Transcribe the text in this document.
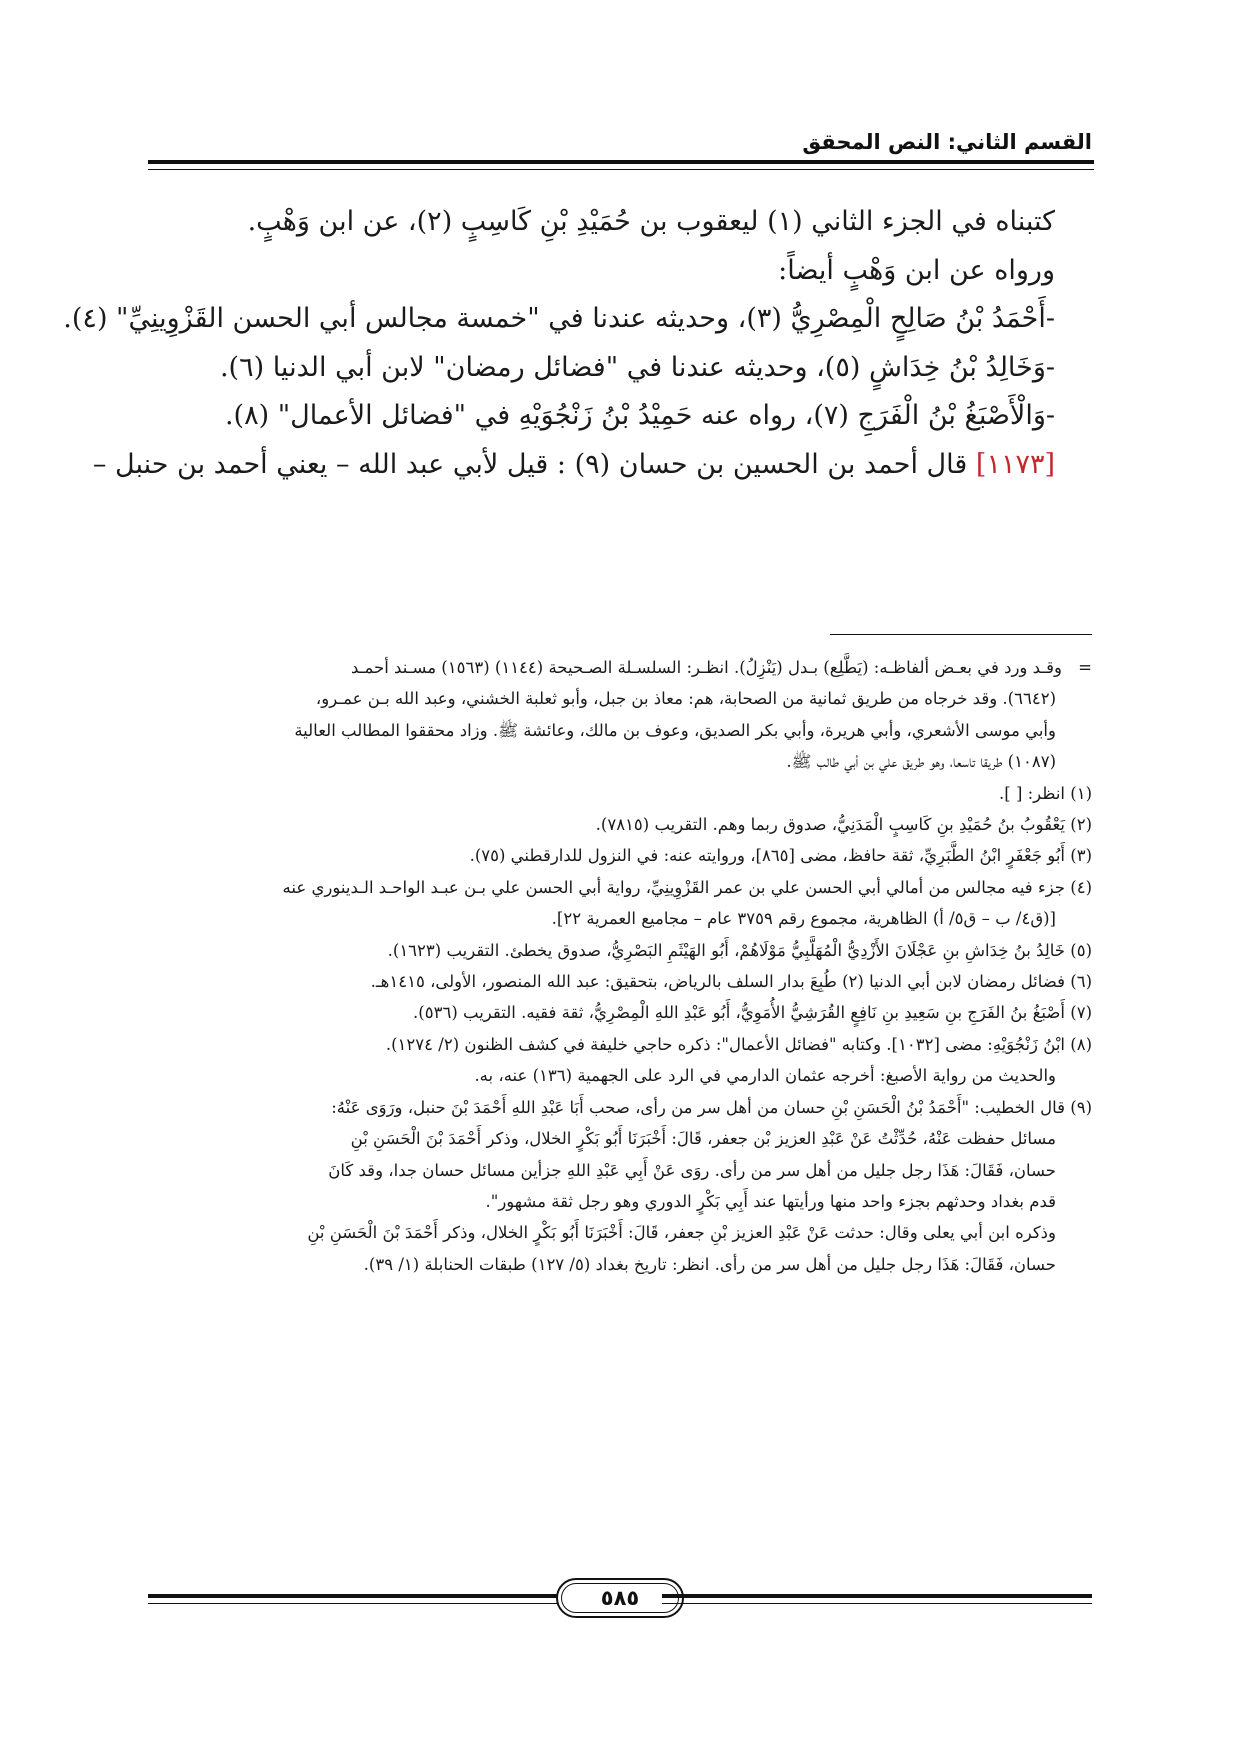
القسم الثاني: النص المحقق
كتبناه في الجزء الثاني (١) ليعقوب بن حُمَيْدِ بْنِ كَاسِبٍ (٢)، عن ابن وَهْبٍ.
ورواه عن ابن وَهْبٍ أيضاً:
-أَحْمَدُ بْنُ صَالِحٍ الْمِصْرِيُّ (٣)، وحديثه عندنا في "خمسة مجالس أبي الحسن القَزْوِينِيِّ" (٤).
-وَخَالِدُ بْنُ خِدَاشٍ (٥)، وحديثه عندنا في "فضائل رمضان" لابن أبي الدنيا (٦).
-وَالْأَصْبَغُ بْنُ الْفَرَجِ (٧)، رواه عنه حَمِيْدُ بْنُ زَنْجُوَيْهِ في "فضائل الأعمال" (٨).
[١١٧٣] قال أحمد بن الحسين بن حسان (٩) : قيل لأبي عبد الله – يعني أحمد بن حنبل –
=وقـد ورد في بعـض ألفاظـه: (يَطَّلِع) بـدل (يَنْزِلُ). انظـر: السلسـلة الصـحيحة (١١٤٤) (١٥٦٣) مسـند أحمـد
(٦٦٤٢). وقد خرجاه من طريق ثمانية من الصحابة، هم: معاذ بن جبل، وأبو ثعلبة الخشني، وعبد الله بـن عمـرو،
وأبي موسى الأشعري، وأبي هريرة، وأبي بكر الصديق، وعوف بن مالك، وعائشة ﷺ. وزاد محققوا المطالب العالية
(١٠٨٧) طريقا تاسعا، وهو طريق علي بن أبي طالب ﷺ.
(١) انظر: [ ].
(٢) يَعْقُوبُ بنُ حُمَيْدِ بنِ كَاسِبٍ الْمَدَنِيُّ، صدوق ربما وهم. التقريب (٧٨١٥).
(٣) أَبُو جَعْفَرٍ ابْنُ الطَّبَرِيِّ، ثقة حافظ، مضى [٨٦٥]، وروايته عنه: في النزول للدارقطني (٧٥).
(٤) جزء فيه مجالس من أمالي أبي الحسن علي بن عمر القَزْوِينِيِّ، رواية أبي الحسن علي بـن عبـد الواحـد الـدينوري عنه
[(ق٤/ ب – ق٥/ أ) الظاهرية، مجموع رقم ٣٧٥٩ عام – مجاميع العمرية ٢٢].
(٥) خَالِدُ بنُ خِدَاشِ بنِ عَجْلَانَ الأَزْدِيُّ الْمُهَلَّبِيُّ مَوْلَاهُمْ، أَبُو الهَيْثَمِ البَصْرِيُّ، صدوق يخطئ. التقريب (١٦٢٣).
(٦) فضائل رمضان لابن أبي الدنيا (٢) طُبِعَ بدار السلف بالرياض، بتحقيق: عبد الله المنصور، الأولى، ١٤١٥هـ.
(٧) أَصْبَغُ بنُ الفَرَجِ بنِ سَعِيدِ بنِ نَافِعٍ القُرَشِيُّ الأُمَوِيُّ، أَبُو عَبْدِ اللهِ الْمِصْرِيُّ، ثقة فقيه. التقريب (٥٣٦).
(٨) ابْنُ زَنْجُوَيْهِ: مضى [١٠٣٢]. وكتابه "فضائل الأعمال": ذكره حاجي خليفة في كشف الظنون (٢/ ١٢٧٤).
والحديث من رواية الأصبغ: أخرجه عثمان الدارمي في الرد على الجهمية (١٣٦) عنه، به.
(٩) قال الخطيب: "أَحْمَدُ بْنُ الْحَسَنِ بْنِ حسان من أهل سر من رأى، صحب أَبَا عَبْدِ اللهِ أَحْمَدَ بْنَ حنبل، ورَوَى عَنْهُ:
مسائل حفظت عَنْهُ، حُدِّثْتُ عَنْ عَبْدِ العزيز بْن جعفر، قَالَ: أَخْبَرَنَا أَبُو بَكْرٍ الخلال، وذكر أَحْمَدَ بْنَ الْحَسَنِ بْنِ
حسان، فَقَالَ: هَذَا رجل جليل من أهل سر من رأى. روَى عَنْ أَبِي عَبْدِ اللهِ جزأين مسائل حسان جدا، وقد كَانَ
قدم بغداد وحدثهم بجزء واحد منها ورأيتها عند أَبِي بَكْرٍ الدوري وهو رجل ثقة مشهور".
وذكره ابن أبي يعلى وقال: حدثت عَنْ عَبْدِ العزيز بْنِ جعفر، قَالَ: أَخْبَرَنَا أَبُو بَكْرٍ الخلال، وذكر أَحْمَدَ بْنَ الْحَسَنِ بْنِ
حسان، فَقَالَ: هَذَا رجل جليل من أهل سر من رأى. انظر: تاريخ بغداد (٥/ ١٢٧) طبقات الحنابلة (١/ ٣٩).
٥٨٥
